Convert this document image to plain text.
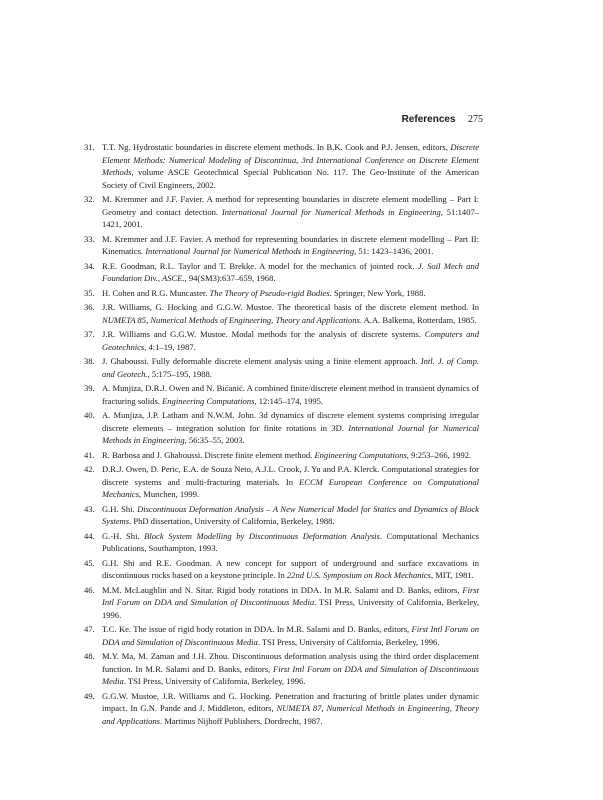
References 275
31. T.T. Ng. Hydrostatic boundaries in discrete element methods. In B.K. Cook and P.J. Jensen, editors, Discrete Element Methods: Numerical Modeling of Discontinua, 3rd International Conference on Discrete Element Methods, volume ASCE Geotechnical Special Publication No. 117. The Geo-Institute of the American Society of Civil Engineers, 2002.
32. M. Kremmer and J.F. Favier. A method for representing boundaries in discrete element modelling – Part I: Geometry and contact detection. International Journal for Numerical Methods in Engineering, 51:1407–1421, 2001.
33. M. Kremmer and J.F. Favier. A method for representing boundaries in discrete element modelling – Part II: Kinematics. International Journal for Numerical Methods in Engineering, 51: 1423–1436, 2001.
34. R.E. Goodman, R.L. Taylor and T. Brekke. A model for the mechanics of jointed rock. J. Soil Mech and Foundation Div., ASCE., 94(SM3):637–659, 1968.
35. H. Cohen and R.G. Muncaster. The Theory of Pseudo-rigid Bodies. Springer, New York, 1988.
36. J.R. Williams, G. Hocking and G.G.W. Mustoe. The theoretical basis of the discrete element method. In NUMETA 85, Numerical Methods of Engineering, Theory and Applications. A.A. Balkema, Rotterdam, 1985.
37. J.R. Williams and G.G.W. Mustoe. Modal methods for the analysis of discrete systems. Computers and Geotechnics, 4:1–19, 1987.
38. J. Ghaboussi. Fully deformable discrete element analysis using a finite element approach. Intl. J. of Comp. and Geotech., 5:175–195, 1988.
39. A. Munjiza, D.R.J. Owen and N. Bićanić. A combined finite/discrete element method in transient dynamics of fracturing solids. Engineering Computations, 12:145–174, 1995.
40. A. Munjiza, J.P. Latham and N.W.M. John. 3d dynamics of discrete element systems comprising irregular discrete elements – integration solution for finite rotations in 3D. International Journal for Numerical Methods in Engineering, 56:35–55, 2003.
41. R. Barbosa and J. Ghaboussi. Discrete finite element method. Engineering Computations, 9:253–266, 1992.
42. D.R.J. Owen, D. Peric, E.A. de Souza Neto, A.J.L. Crook, J. Yu and P.A. Klerck. Computational strategies for discrete systems and multi-fracturing materials. In ECCM European Conference on Computational Mechanics, Munchen, 1999.
43. G.H. Shi. Discontinuous Deformation Analysis – A New Numerical Model for Statics and Dynamics of Block Systems. PhD dissertation, University of California, Berkeley, 1988.
44. G.-H. Shi. Block System Modelling by Discontinuous Deformation Analysis. Computational Mechanics Publications, Southampton, 1993.
45. G.H. Shi and R.E. Goodman. A new concept for support of underground and surface excavations in discontinuous rocks based on a keystone principle. In 22nd U.S. Symposium on Rock Mechanics, MIT, 1981.
46. M.M. McLaughlin and N. Sitar. Rigid body rotations in DDA. In M.R. Salami and D. Banks, editors, First Intl Forum on DDA and Simulation of Discontinuous Media. TSI Press, University of California, Berkeley, 1996.
47. T.C. Ke. The issue of rigid body rotation in DDA. In M.R. Salami and D. Banks, editors, First Intl Forum on DDA and Simulation of Discontinuous Media. TSI Press, University of California, Berkeley, 1996.
48. M.Y. Ma, M. Zaman and J.H. Zhou. Discontinuous deformation analysis using the third order displacement function. In M.R. Salami and D. Banks, editors, First Intl Forum on DDA and Simulation of Discontinuous Media. TSI Press, University of California, Berkeley, 1996.
49. G.G.W. Mustoe, J.R. Williams and G. Hocking. Penetration and fracturing of brittle plates under dynamic impact. In G.N. Pande and J. Middleton, editors, NUMETA 87, Numerical Methods in Engineering, Theory and Applications. Martinus Nijhoff Publishers, Dordrecht, 1987.
